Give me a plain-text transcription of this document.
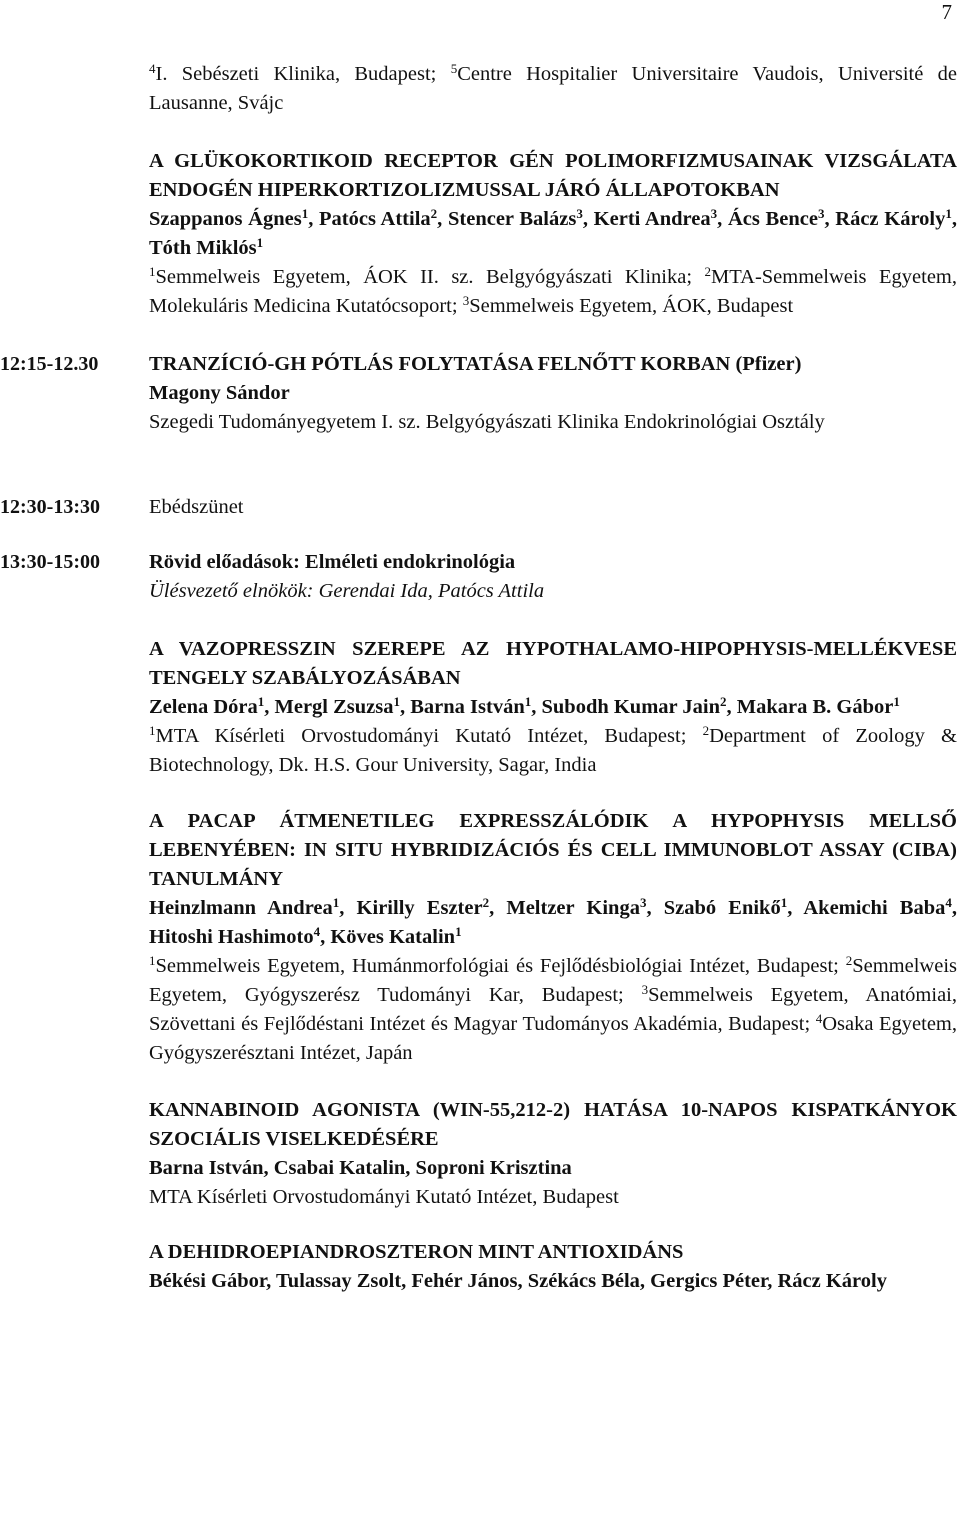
7

$^4$I. Sebészeti Klinika, Budapest; $^5$Centre Hospitalier Universitaire Vaudois, Université de Lausanne, Svájc

A GLÜKOKORTIKOID RECEPTOR GÉN POLIMORFIZMUSAINAK VIZSGÁLATA ENDOGÉN HIPERKORTIZOLIZMUSSAL JÁRÓ ÁLLAPOTOKBAN

Szappanos Ágnes$^1$, Patócs Attila$^2$, Stencer Balázs$^3$, Kerti Andrea$^3$, Ács Bence$^3$, Rácz Károly$^1$, Tóth Miklós$^1$

$^1$Semmelweis Egyetem, ÁOK II. sz. Belgyógyászati Klinika; $^2$MTA-Semmelweis Egyetem, Molekuláris Medicina Kutatócsoport; $^3$Semmelweis Egyetem, ÁOK, Budapest

12:15-12.30	TRANZÍCIÓ-GH PÓTLÁS FOLYTATÁSA FELNŐTT KORBAN (Pfizer)

Magony Sándor

Szegedi Tudományegyetem I. sz. Belgyógyászati Klinika Endokrinológiai Osztály

12:30-13:30	Ebédszünet

13:30-15:00	Rövid előadások: Elméleti endokrinológia

Ülésvezető elnökök: Gerendai Ida, Patócs Attila

A VAZOPRESSZIN SZEREPE AZ HYPOTHALAMO-HIPOPHYSIS-MELLÉKVESE TENGELY SZABÁLYOZÁSÁBAN

Zelena Dóra$^1$, Mergl Zsuzsa$^1$, Barna István$^1$, Subodh Kumar Jain$^2$, Makara B. Gábor$^1$

$^1$MTA Kísérleti Orvostudományi Kutató Intézet, Budapest; $^2$Department of Zoology & Biotechnology, Dk. H.S. Gour University, Sagar, India

A PACAP ÁTMENETILEG EXPRESSZÁLÓDIK A HYPOPHYSIS MELLSŐ LEBENYÉBEN: IN SITU HYBRIDIZÁCIÓS ÉS CELL IMMUNOBLOT ASSAY (CIBA) TANULMÁNY

Heinzlmann Andrea$^1$, Kirilly Eszter$^2$, Meltzer Kinga$^3$, Szabó Enikő$^1$, Akemichi Baba$^4$, Hitoshi Hashimoto$^4$, Köves Katalin$^1$

$^1$Semmelweis Egyetem, Humánmorfológiai és Fejlődésbiológiai Intézet, Budapest; $^2$Semmelweis Egyetem, Gyógyszerész Tudományi Kar, Budapest; $^3$Semmelweis Egyetem, Anatómiai, Szövettani és Fejlődéstani Intézet és Magyar Tudományos Akadémia, Budapest; $^4$Osaka Egyetem, Gyógyszerésztani Intézet, Japán

KANNABINOID AGONISTA (WIN-55,212-2) HATÁSA 10-NAPOS KISPATKÁNYOK SZOCIÁLIS VISELKEDÉSÉRE

Barna István, Csabai Katalin, Soproni Krisztina

MTA Kísérleti Orvostudományi Kutató Intézet, Budapest

A DEHIDROEPIANDROSZTERON MINT ANTIOXIDÁNS

Békési Gábor, Tulassay Zsolt, Fehér János, Székács Béla, Gergics Péter, Rácz Károly
